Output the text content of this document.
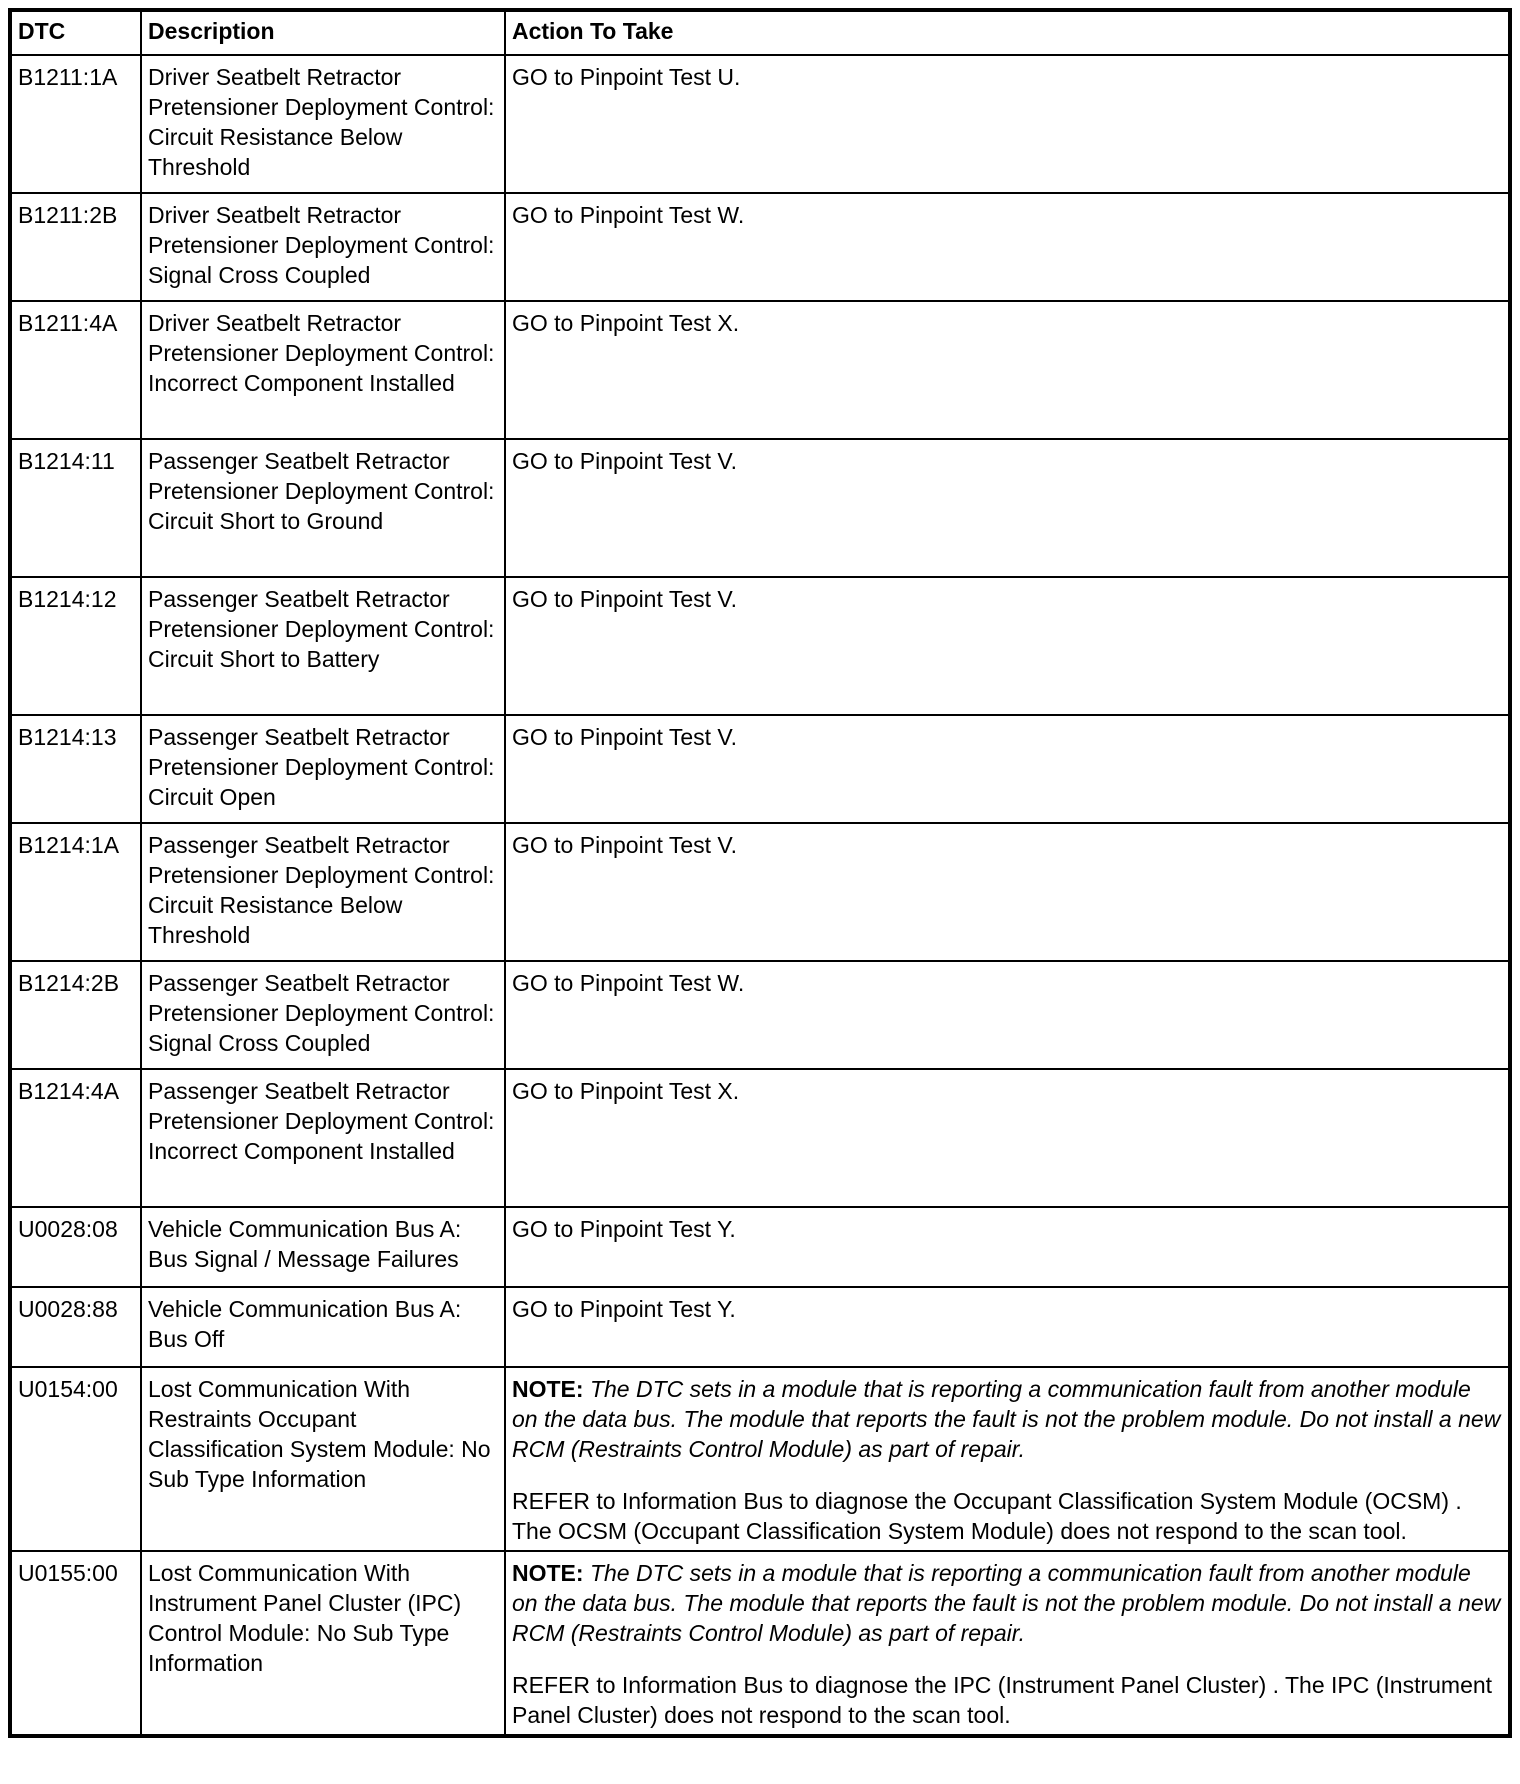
DTC	Description	Action To Take
B1211:1A	Driver Seatbelt Retractor Pretensioner Deployment Control: Circuit Resistance Below Threshold	GO to Pinpoint Test U.
B1211:2B	Driver Seatbelt Retractor Pretensioner Deployment Control: Signal Cross Coupled	GO to Pinpoint Test W.
B1211:4A	Driver Seatbelt Retractor Pretensioner Deployment Control: Incorrect Component Installed	GO to Pinpoint Test X.
B1214:11	Passenger Seatbelt Retractor Pretensioner Deployment Control: Circuit Short to Ground	GO to Pinpoint Test V.
B1214:12	Passenger Seatbelt Retractor Pretensioner Deployment Control: Circuit Short to Battery	GO to Pinpoint Test V.
B1214:13	Passenger Seatbelt Retractor Pretensioner Deployment Control: Circuit Open	GO to Pinpoint Test V.
B1214:1A	Passenger Seatbelt Retractor Pretensioner Deployment Control: Circuit Resistance Below Threshold	GO to Pinpoint Test V.
B1214:2B	Passenger Seatbelt Retractor Pretensioner Deployment Control: Signal Cross Coupled	GO to Pinpoint Test W.
B1214:4A	Passenger Seatbelt Retractor Pretensioner Deployment Control: Incorrect Component Installed	GO to Pinpoint Test X.
U0028:08	Vehicle Communication Bus A: Bus Signal / Message Failures	GO to Pinpoint Test Y.
U0028:88	Vehicle Communication Bus A: Bus Off	GO to Pinpoint Test Y.
U0154:00	Lost Communication With Restraints Occupant Classification System Module: No Sub Type Information	NOTE: The DTC sets in a module that is reporting a communication fault from another module on the data bus. The module that reports the fault is not the problem module. Do not install a new RCM (Restraints Control Module) as part of repair.

REFER to Information Bus to diagnose the Occupant Classification System Module (OCSM) . The OCSM (Occupant Classification System Module) does not respond to the scan tool.

U0155:00	Lost Communication With Instrument Panel Cluster (IPC) Control Module: No Sub Type Information	NOTE: The DTC sets in a module that is reporting a communication fault from another module on the data bus. The module that reports the fault is not the problem module. Do not install a new RCM (Restraints Control Module) as part of repair.

REFER to Information Bus to diagnose the IPC (Instrument Panel Cluster) . The IPC (Instrument Panel Cluster) does not respond to the scan tool.
